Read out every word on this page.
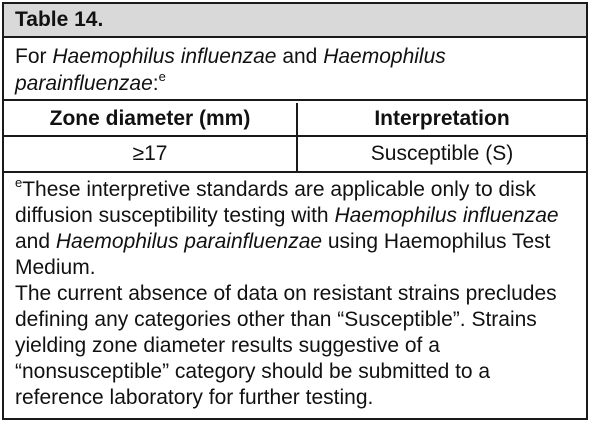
Table 14.
For Haemophilus influenzae and Haemophilus parainfluenzae:$^e$
Zone diameter (mm)	Interpretation
≥17	Susceptible (S)

$^e$These interpretive standards are applicable only to disk diffusion susceptibility testing with Haemophilus influenzae and Haemophilus parainfluenzae using Haemophilus Test Medium.

The current absence of data on resistant strains precludes defining any categories other than “Susceptible”. Strains yielding zone diameter results suggestive of a “nonsusceptible” category should be submitted to a reference laboratory for further testing.
